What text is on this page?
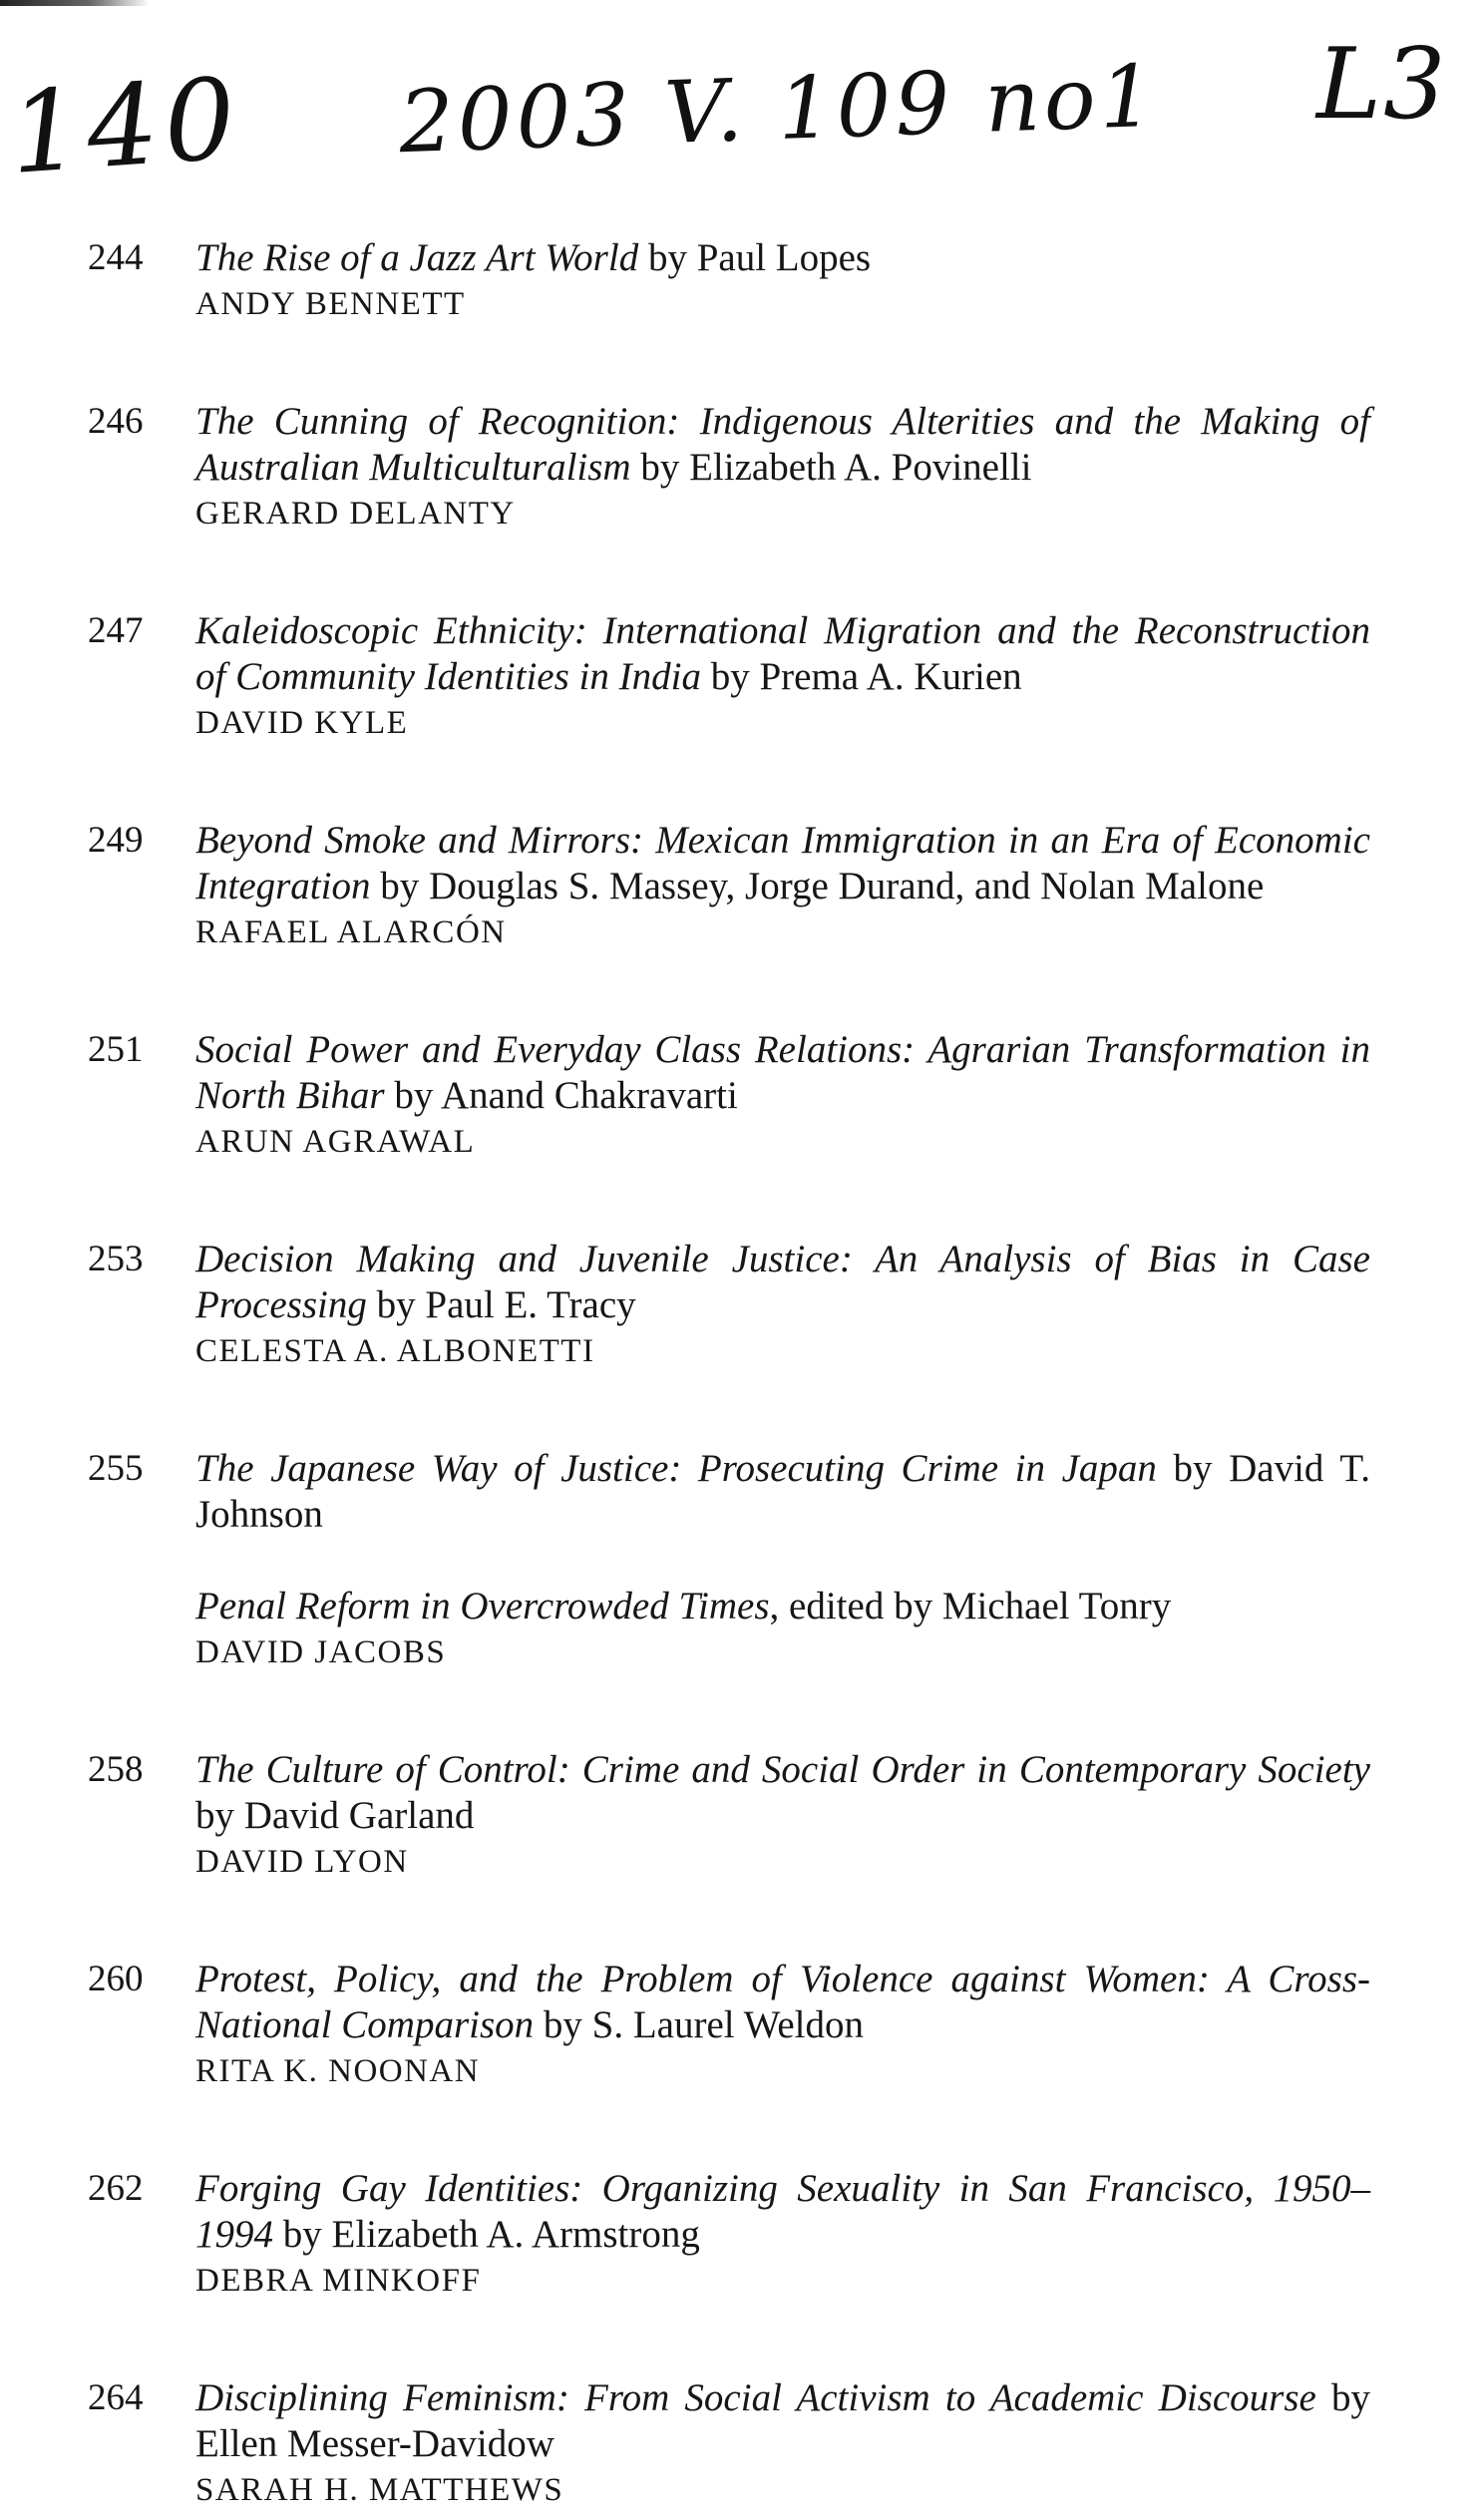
140 2003 V. 109 no1 L3
244	The Rise of a Jazz Art World by Paul Lopes

ANDY BENNETT

246	The Cunning of Recognition: Indigenous Alterities and the Making of Australian Multiculturalism by Elizabeth A. Povinelli

GERARD DELANTY

247	Kaleidoscopic Ethnicity: International Migration and the Reconstruction of Community Identities in India by Prema A. Kurien

DAVID KYLE

249	Beyond Smoke and Mirrors: Mexican Immigration in an Era of Economic Integration by Douglas S. Massey, Jorge Durand, and Nolan Malone

RAFAEL ALARCÓN

251	Social Power and Everyday Class Relations: Agrarian Transformation in North Bihar by Anand Chakravarti

ARUN AGRAWAL

253	Decision Making and Juvenile Justice: An Analysis of Bias in Case Processing by Paul E. Tracy

CELESTA A. ALBONETTI

255	The Japanese Way of Justice: Prosecuting Crime in Japan by David T. Johnson

Penal Reform in Overcrowded Times, edited by Michael Tonry

DAVID JACOBS

258	The Culture of Control: Crime and Social Order in Contemporary Society by David Garland

DAVID LYON

260	Protest, Policy, and the Problem of Violence against Women: A Cross-National Comparison by S. Laurel Weldon

RITA K. NOONAN

262	Forging Gay Identities: Organizing Sexuality in San Francisco, 1950–1994 by Elizabeth A. Armstrong

DEBRA MINKOFF

264	Disciplining Feminism: From Social Activism to Academic Discourse by Ellen Messer-Davidow

SARAH H. MATTHEWS
